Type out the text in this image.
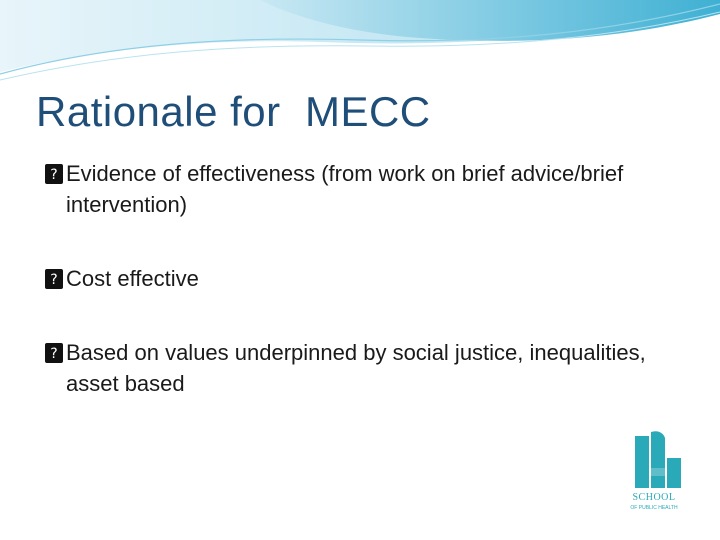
Rationale for  MECC
? Evidence of effectiveness (from work on brief advice/brief intervention)
? Cost effective
? Based on values underpinned by social justice, inequalities, asset based
SCHOOL
OF PUBLIC HEALTH
